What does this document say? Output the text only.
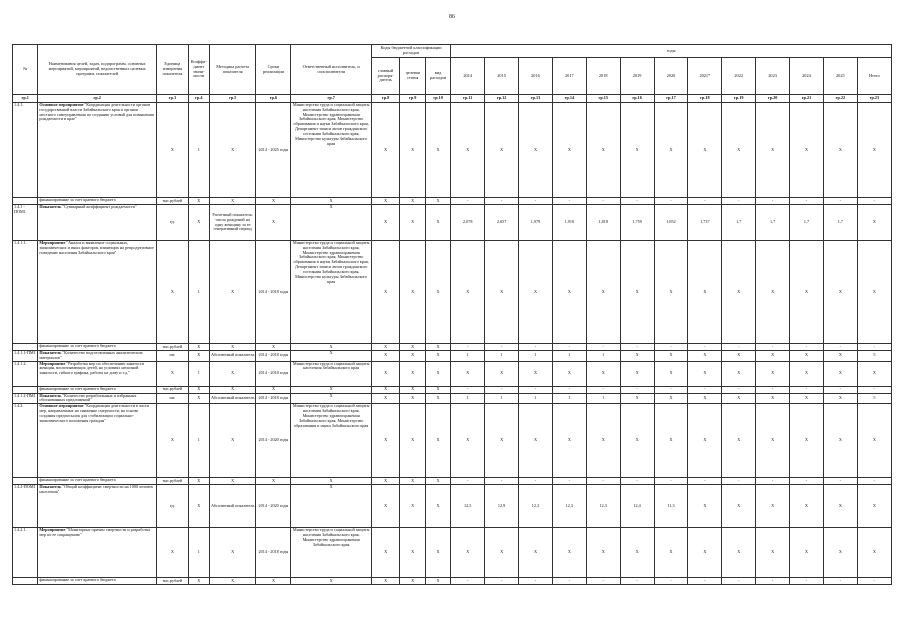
86
№	Наименования целей, задач, подпрограмм, основных мероприятий, мероприятий, ведомственных целевых программ, показателей	Единица измерения показателя	Коэффи-циент значи-мости	Методика расчета показателя	Сроки реализации	Ответственный исполнитель, и соисполнители	Коды бюджетной классификации расходов			годы												
							главный распоря-дитель	целевая статья	вид расходов	2014	2015	2016	2017	2018	2019	2020	2021*	2022	2023	2024	2025	Итого
гр.1	гр.2	гр.3	гр.4	гр.5	гр.6	гр.7	гр.8	гр.9	гр.10	гр.11	гр.12	гр.13	гр.14	гр.15	гр.16	гр.17	гр.18	гр.19	гр.20	гр.21	гр.22	гр.23
1.4.1.	Основное мероприятие "Координация деятельности органов государственной власти Забайкальского края и органов местного самоуправления по созданию условий для повышения рождаемости в крае"	X	1	X	2014 - 2025 годы	Министерство труда и социальной защиты населения Забайкальского края, Министерство здравоохранения Забайкальского края, Министерство образования и науки Забайкальского края, Департамент записи актов гражданского состояния Забайкальского края, Министерство культуры Забайкальского края	X	X	X	X	X	X	X	X	X	X	X	X	X	X	X	X
	финансирование за счет краевого бюджета	тыс.рублей	X	X	X	X	X	X	X	-	-	-	-	-	-	-	-	-	-	-	-	-
1.4.1 - ПОМ1	Показатель "Суммарный коэффициент рождаемости"	ед.	X	Расчетный показатель: число рождений на одну женщину за ее генеративный период	X	X	X	X	X	2,078	2,057	1,979	1,910	1,818	1,759	1,852	1,737	1,7	1,7	1,7	1,7	X
1.4.1.1.	Мероприятие "Анализ и выявление социальных, экономических и иных факторов, влияющих на репродуктивное поведение населения Забайкальского края"	X	1	X	2014 - 2018 годы	Министерство труда и социальной защиты населения Забайкальского края, Министерство здравоохранения Забайкальского края, Министерство образования и науки Забайкальского края, Департамент записи актов гражданского состояния Забайкальского края, Министерство культуры Забайкальского края	X	X	X	X	X	X	X	X	X	X	X	X	X	X	X	X
	финансирование за счет краевого бюджета	тыс.рублей	X	X	X	X	X	X	X	-	-	-	-	-	-	-	-	-	-	-	-	-
1.4.1.1-ПМ1	Показатель "Количество подготовленных аналитических материалов"	шт.	X	Абсолютный показатель	2014 - 2018 годы	X	X	X	X	1	1	1	1	1	X	X	X	X	X	X	X	5
1.4.1.2.	Мероприятие "Разработка мер по обеспечению занятости женщин, воспитывающих детей, на условиях неполной занятости, гибкого графика, работы на дому и т.д."	X	1	X	2014 - 2018 годы	Министерство труда и социальной защиты населения Забайкальского края	X	X	X	X	X	X	X	X	X	X	X	X	X	X	X	X
	финансирование за счет краевого бюджета	тыс.рублей	X	X	X	X	X	X	X	-	-	-	-	-	-	-	-	-	-	-	-	-
1.4.1.2-ПМ1	Показатель "Количество разработанных и избранных обоснованных предложений"	шт.	X	Абсолютный показатель	2014 - 2018 годы	X	X	X	X	1	1	1	1	1	X	X	X	X	X	X	X	5
1.4.2.	Основное мероприятие "Координация деятельности в части мер, направленных на снижение смертности, на основе создания предпосылок для стабилизации социально-экономического положения граждан"	X	1	X	2014 - 2020 годы	Министерство труда и социальной защиты населения Забайкальского края, Министерство здравоохранения Забайкальского края, Министерство образования и науки Забайкальского края	X	X	X	X	X	X	X	X	X	X	X	X	X	X	X	X
	финансирование за счет краевого бюджета	тыс.рублей	X	X	X	X	X	X	X	-	-	-	-	-	-	-	-	-	-	-	-	-
1.4.2-ПОМ1	Показатель "Общий коэффициент смертности на 1000 человек населения"	ед.	X	Абсолютный показатель	2014 - 2020 годы	X	X	X	X	12,5	12,9	12,3	12,3	12,3	12,4	11,3	X	X	X	X	X	X
1.4.2.1.	Мероприятие "Мониторинг причин смертности и разработка мер по ее сокращению"	X	1	X	2014 - 2018 годы	Министерство труда и социальной защиты населения Забайкальского края, Министерство здравоохранения Забайкальского края	X	X	X	X	X	X	X	X	X	X	X	X	X	X	X	X
	финансирование за счет краевого бюджета	тыс.рублей	X	X	X	X	X	X	X	-	-	-	-	-	-	-	-	-	-	-	-	-
